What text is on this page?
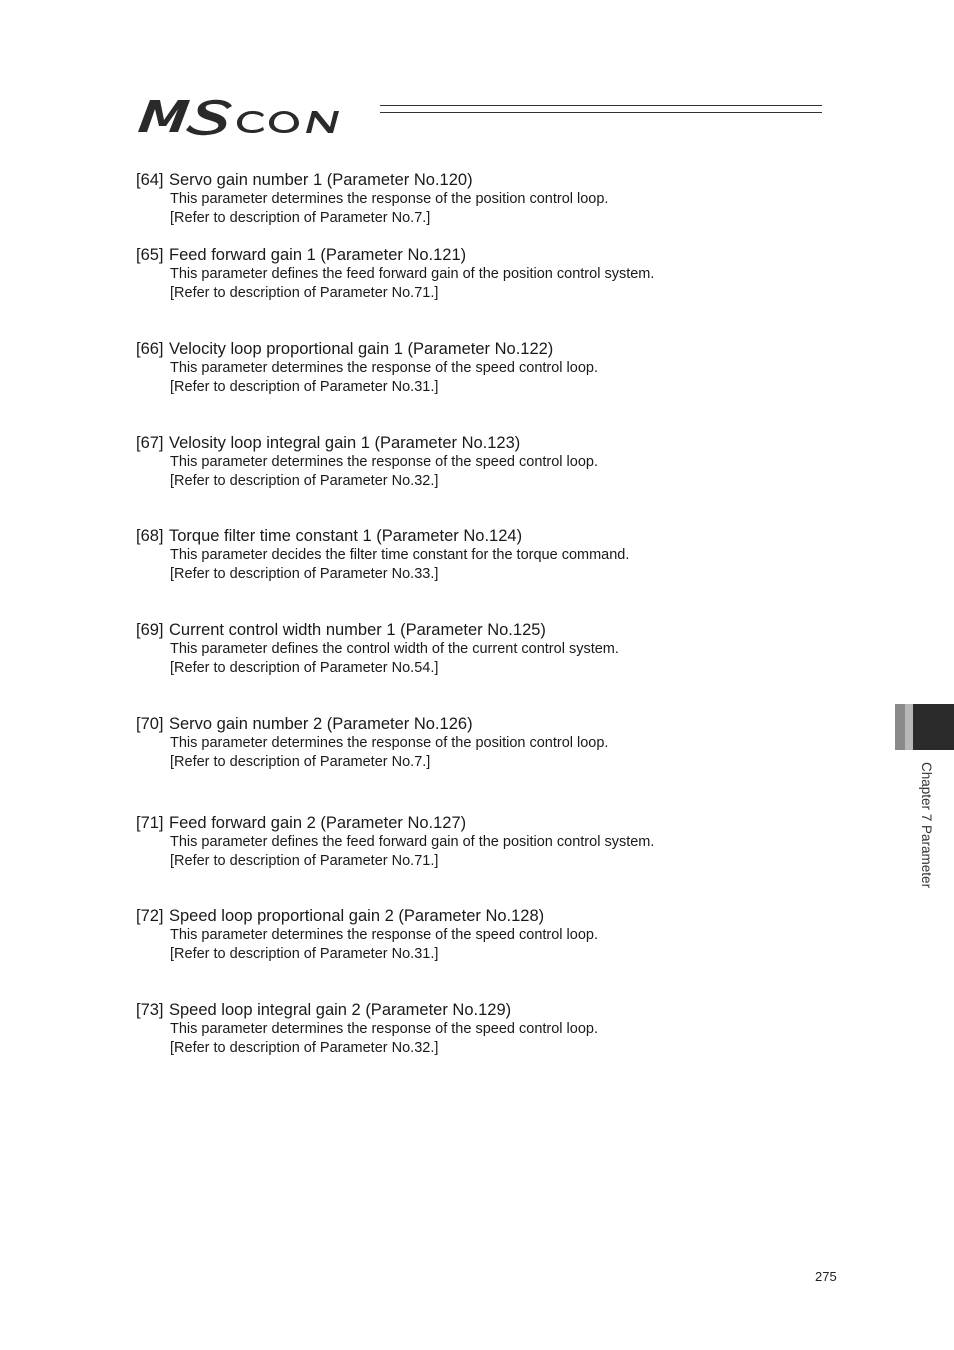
[64] Servo gain number 1 (Parameter No.120)
This parameter determines the response of the position control loop.
[Refer to description of Parameter No.7.]
[65] Feed forward gain 1 (Parameter No.121)
This parameter defines the feed forward gain of the position control system.
[Refer to description of Parameter No.71.]
[66] Velocity loop proportional gain 1 (Parameter No.122)
This parameter determines the response of the speed control loop.
[Refer to description of Parameter No.31.]
[67] Velosity loop integral gain 1 (Parameter No.123)
This parameter determines the response of the speed control loop.
[Refer to description of Parameter No.32.]
[68] Torque filter time constant 1 (Parameter No.124)
This parameter decides the filter time constant for the torque command.
[Refer to description of Parameter No.33.]
[69] Current control width number 1 (Parameter No.125)
This parameter defines the control width of the current control system.
[Refer to description of Parameter No.54.]
[70] Servo gain number 2 (Parameter No.126)
This parameter determines the response of the position control loop.
[Refer to description of Parameter No.7.]
[71] Feed forward gain 2 (Parameter No.127)
This parameter defines the feed forward gain of the position control system.
[Refer to description of Parameter No.71.]
[72] Speed loop proportional gain 2 (Parameter No.128)
This parameter determines the response of the speed control loop.
[Refer to description of Parameter No.31.]
[73] Speed loop integral gain 2 (Parameter No.129)
This parameter determines the response of the speed control loop.
[Refer to description of Parameter No.32.]
Chapter 7 Parameter
275
